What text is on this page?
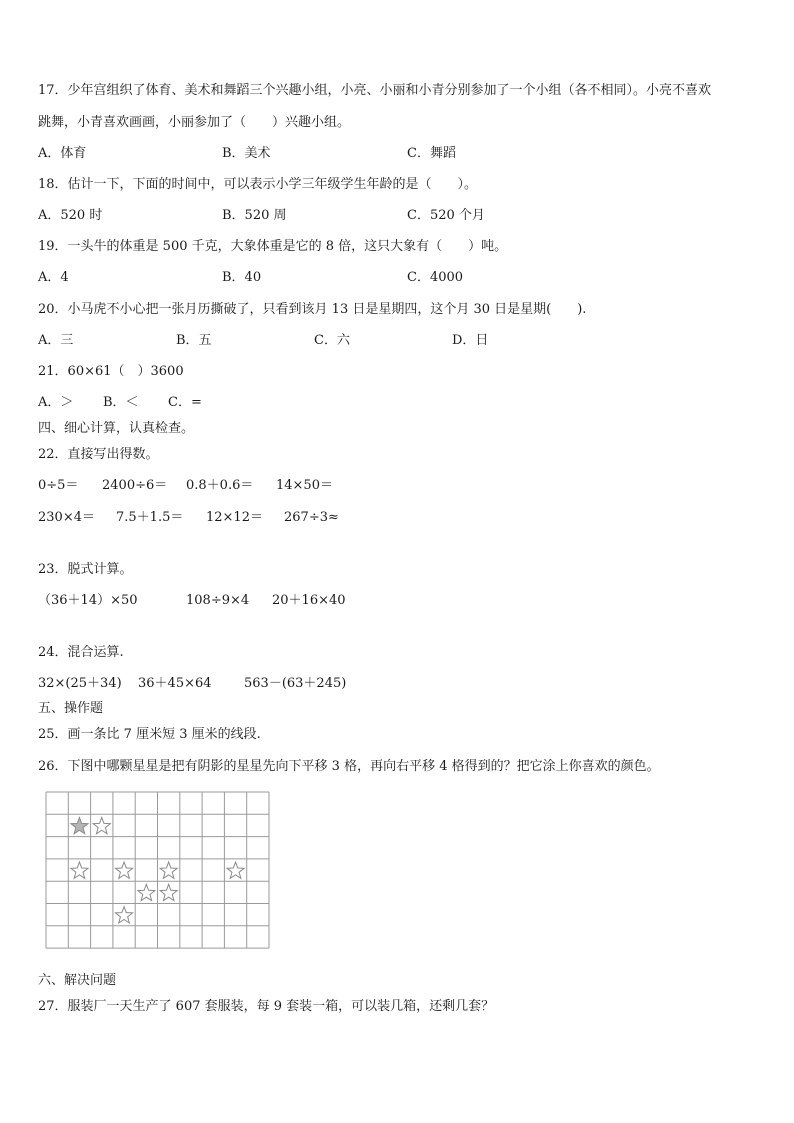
17．少年宫组织了体育、美术和舞蹈三个兴趣小组，小亮、小丽和小青分别参加了一个小组（各不相同）。小亮不喜欢
跳舞，小青喜欢画画，小丽参加了（　　）兴趣小组。
A．体育	B．美术	C．舞蹈
18．估计一下，下面的时间中，可以表示小学三年级学生年龄的是（　　）。
A．520 时	B．520 周	C．520 个月
19．一头牛的体重是 500 千克，大象体重是它的 8 倍，这只大象有（　　）吨。
A．4	B．40	C．4000
20．小马虎不小心把一张月历撕破了，只看到该月 13 日是星期四，这个月 30 日是星期(　　).
A．三	B．五	C．六	D．日
21．60×61（　）3600
A．＞ B．＜ C．=
四、细心计算，认真检查。
22．直接写出得数。
0÷5＝ 2400÷6＝ 0.8＋0.6＝ 14×50＝
230×4＝ 7.5＋1.5＝ 12×12＝ 267÷3≈
23．脱式计算。
（36＋14）×50	108÷9×4 20＋16×40
24．混合运算.
32×(25＋34) 36＋45×64 563－(63＋245)
五、操作题
25．画一条比 7 厘米短 3 厘米的线段.
26．下图中哪颗星星是把有阴影的星星先向下平移 3 格，再向右平移 4 格得到的？把它涂上你喜欢的颜色。
六、解决问题
27．服装厂一天生产了 607 套服装，每 9 套装一箱，可以装几箱，还剩几套？
